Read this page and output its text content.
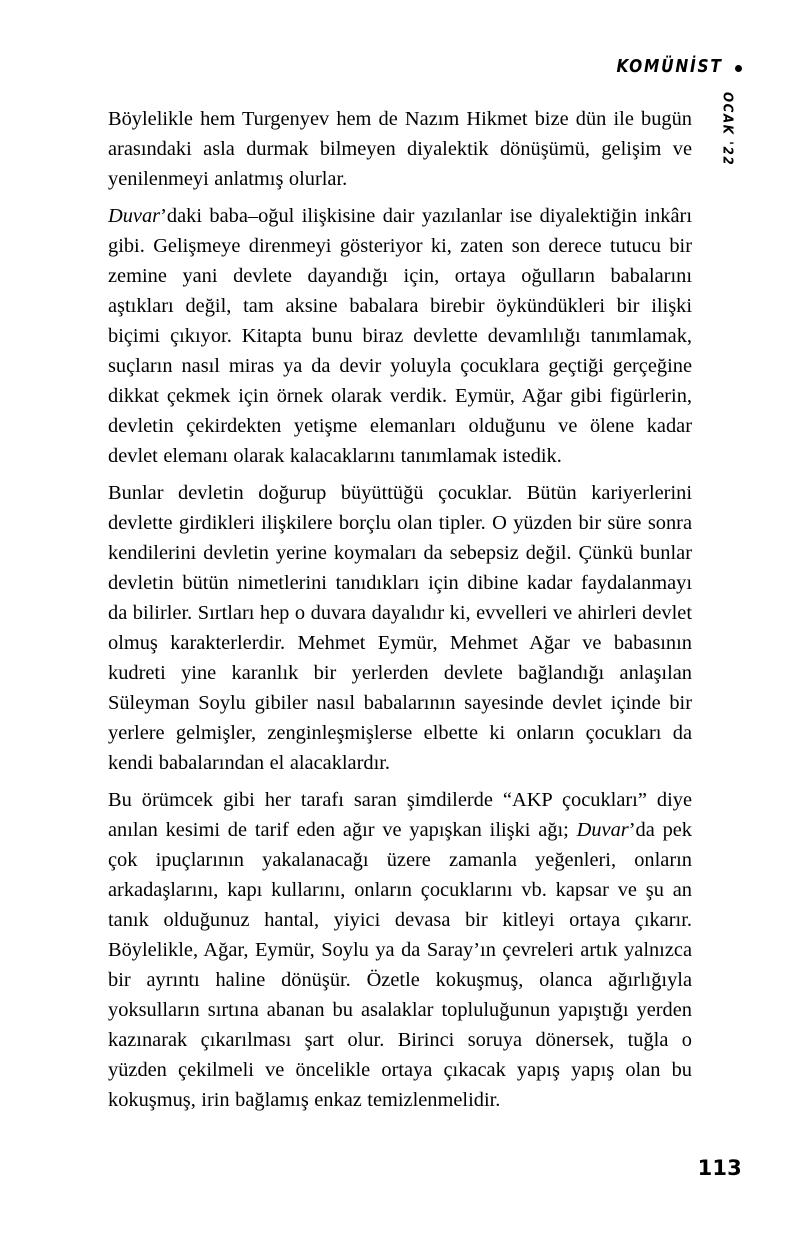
KOMÜNİST
OCAK '22

Böylelikle hem Turgenyev hem de Nazım Hikmet bize dün ile bugün arasındaki asla durmak bilmeyen diyalektik dönüşümü, gelişim ve yenilenmeyi anlatmış olurlar.

Duvar’daki baba–oğul ilişkisine dair yazılanlar ise diyalektiğin inkârı gibi. Gelişmeye direnmeyi gösteriyor ki, zaten son derece tutucu bir zemine yani devlete dayandığı için, ortaya oğulların babalarını aştıkları değil, tam aksine babalara birebir öykündükleri bir ilişki biçimi çıkıyor. Kitapta bunu biraz devlette devamlılığı tanımlamak, suçların nasıl miras ya da devir yoluyla çocuklara geçtiği gerçeğine dikkat çekmek için örnek olarak verdik. Eymür, Ağar gibi figürlerin, devletin çekirdekten yetişme elemanları olduğunu ve ölene kadar devlet elemanı olarak kalacaklarını tanımlamak istedik.

Bunlar devletin doğurup büyüttüğü çocuklar. Bütün kariyerlerini devlette girdikleri ilişkilere borçlu olan tipler. O yüzden bir süre sonra kendilerini devletin yerine koymaları da sebepsiz değil. Çünkü bunlar devletin bütün nimetlerini tanıdıkları için dibine kadar faydalanmayı da bilirler. Sırtları hep o duvara dayalıdır ki, evvelleri ve ahirleri devlet olmuş karakterlerdir. Mehmet Eymür, Mehmet Ağar ve babasının kudreti yine karanlık bir yerlerden devlete bağlandığı anlaşılan Süleyman Soylu gibiler nasıl babalarının sayesinde devlet içinde bir yerlere gelmişler, zenginleşmişlerse elbette ki onların çocukları da kendi babalarından el alacaklardır.

Bu örümcek gibi her tarafı saran şimdilerde “AKP çocukları” diye anılan kesimi de tarif eden ağır ve yapışkan ilişki ağı; Duvar’da pek çok ipuçlarının yakalanacağı üzere zamanla yeğenleri, onların arkadaşlarını, kapı kullarını, onların çocuklarını vb. kapsar ve şu an tanık olduğunuz hantal, yiyici devasa bir kitleyi ortaya çıkarır. Böylelikle, Ağar, Eymür, Soylu ya da Saray’ın çevreleri artık yalnızca bir ayrıntı haline dönüşür. Özetle kokuşmuş, olanca ağırlığıyla yoksulların sırtına abanan bu asalaklar topluluğunun yapıştığı yerden kazınarak çıkarılması şart olur. Birinci soruya dönersek, tuğla o yüzden çekilmeli ve öncelikle ortaya çıkacak yapış yapış olan bu kokuşmuş, irin bağlamış enkaz temizlenmelidir.

113
